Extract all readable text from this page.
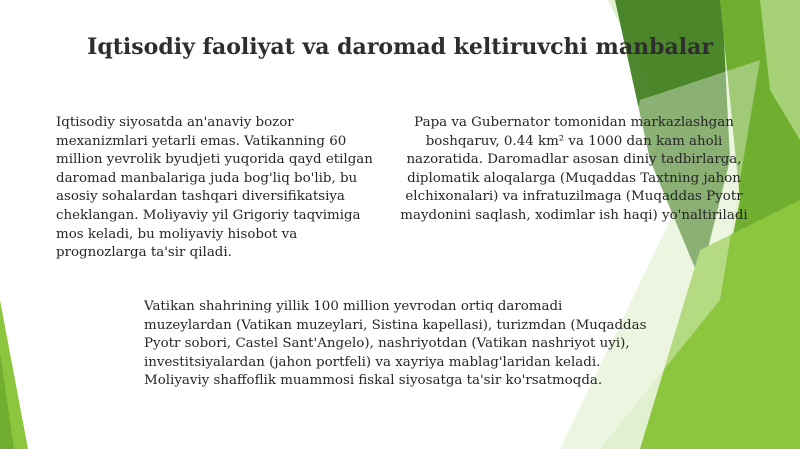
Iqtisodiy faoliyat va daromad keltiruvchi manbalar

Iqtisodiy siyosatda an'anaviy bozor mexanizmlari yetarli emas. Vatikanning 60 million yevrolik byudjeti yuqorida qayd etilgan daromad manbalariga juda bog'liq bo'lib, bu asosiy sohalardan tashqari diversifikatsiya cheklangan. Moliyaviy yil Grigoriy taqvimiga mos keladi, bu moliyaviy hisobot va prognozlarga ta'sir qiladi.

Papa va Gubernator tomonidan markazlashgan boshqaruv, 0.44 km² va 1000 dan kam aholi nazoratida. Daromadlar asosan diniy tadbirlarga, diplomatik aloqalarga (Muqaddas Taxtning jahon elchixonalari) va infratuzilmaga (Muqaddas Pyotr maydonini saqlash, xodimlar ish haqi) yo'naltiriladi

Vatikan shahrining yillik 100 million yevrodan ortiq daromadi muzeylardan (Vatikan muzeylari, Sistina kapellasi), turizmdan (Muqaddas Pyotr sobori, Castel Sant'Angelo), nashriyotdan (Vatikan nashriyot uyi), investitsiyalardan (jahon portfeli) va xayriya mablag'laridan keladi. Moliyaviy shaffoflik muammosi fiskal siyosatga ta'sir ko'rsatmoqda.
